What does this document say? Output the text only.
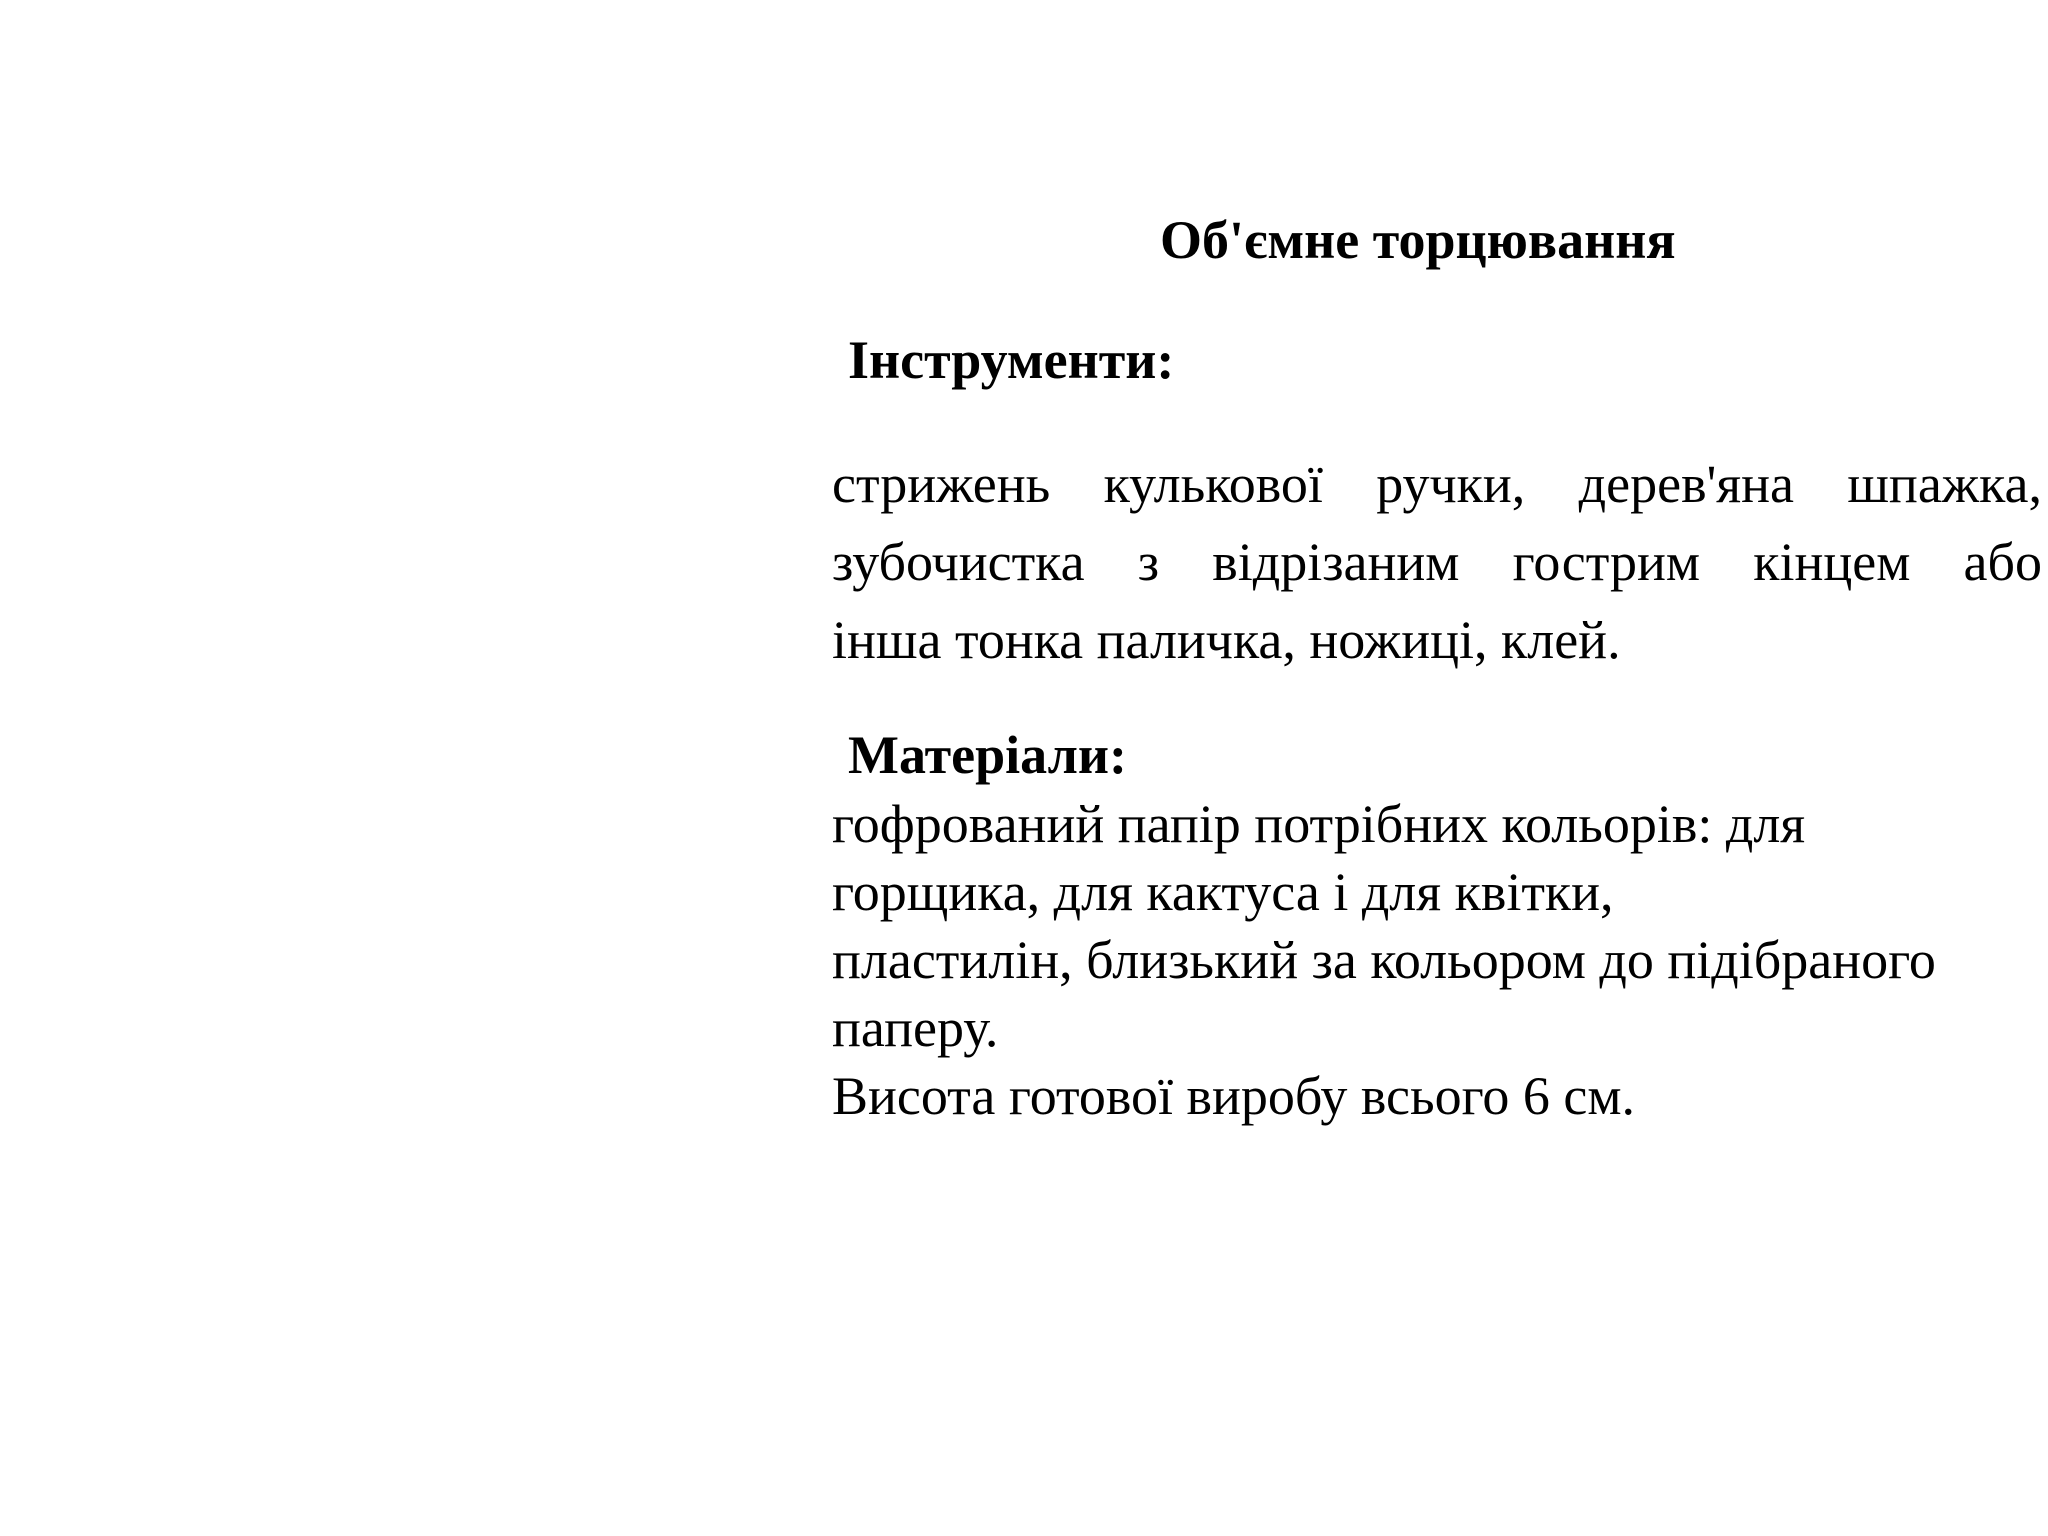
Об'ємне торцювання
Інструменти:
стрижень кулькової ручки, дерев'яна шпажка,
зубочистка з відрізаним гострим кінцем або
інша тонка паличка, ножиці, клей.
Матеріали:
гофрований папір потрібних кольорів: для
горщика, для кактуса і для квітки,
пластилін, близький за кольором до підібраного
паперу.
Висота готової виробу всього 6 см.
